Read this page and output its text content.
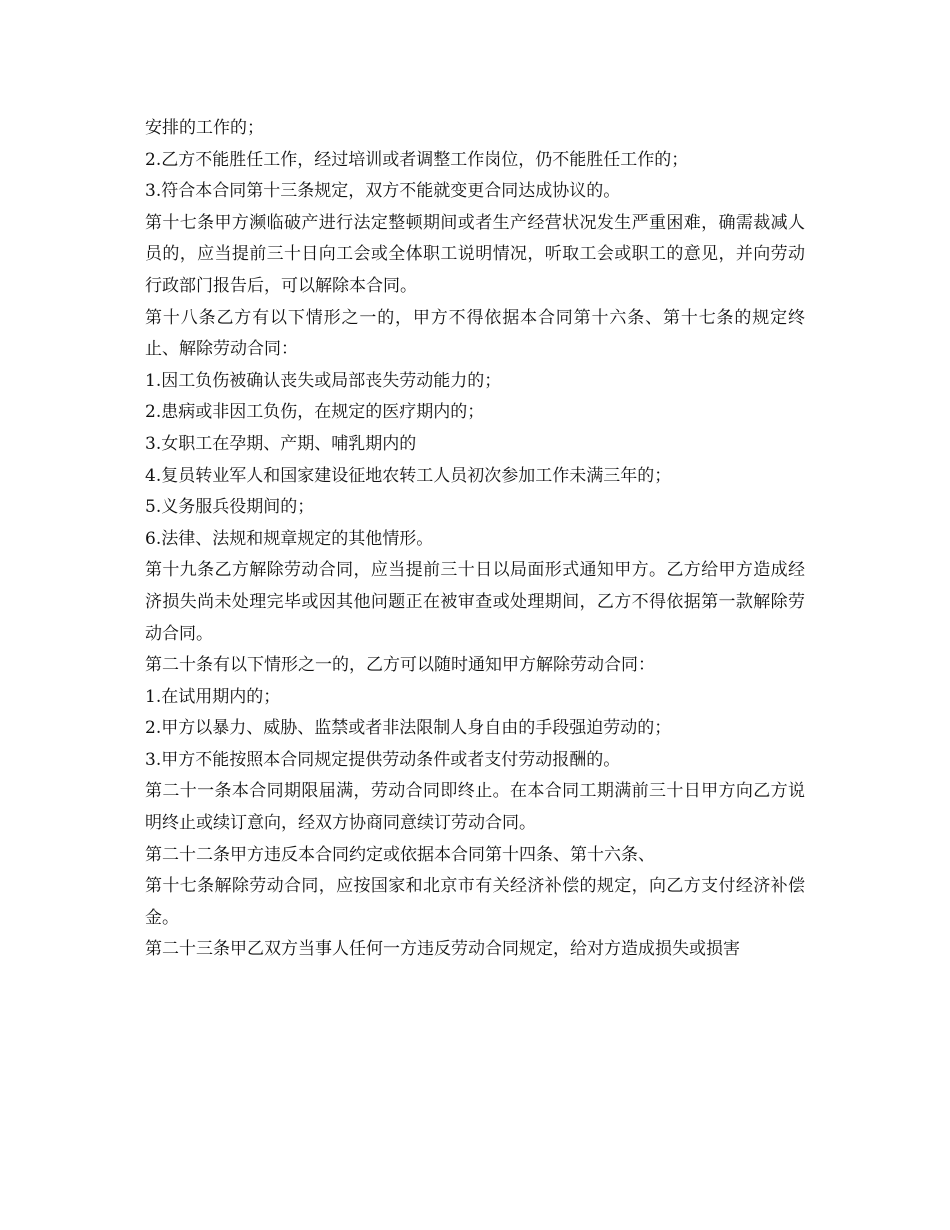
安排的工作的；

2.乙方不能胜任工作，经过培训或者调整工作岗位，仍不能胜任工作的；

3.符合本合同第十三条规定，双方不能就变更合同达成协议的。

第十七条甲方濒临破产进行法定整顿期间或者生产经营状况发生严重困难，确需裁减人员的，应当提前三十日向工会或全体职工说明情况，听取工会或职工的意见，并向劳动行政部门报告后，可以解除本合同。

第十八条乙方有以下情形之一的，甲方不得依据本合同第十六条、第十七条的规定终止、解除劳动合同：

1.因工负伤被确认丧失或局部丧失劳动能力的；

2.患病或非因工负伤，在规定的医疗期内的；

3.女职工在孕期、产期、哺乳期内的

4.复员转业军人和国家建设征地农转工人员初次参加工作未满三年的；

5.义务服兵役期间的；

6.法律、法规和规章规定的其他情形。

第十九条乙方解除劳动合同，应当提前三十日以局面形式通知甲方。乙方给甲方造成经济损失尚未处理完毕或因其他问题正在被审查或处理期间，乙方不得依据第一款解除劳动合同。

第二十条有以下情形之一的，乙方可以随时通知甲方解除劳动合同：

1.在试用期内的；

2.甲方以暴力、威胁、监禁或者非法限制人身自由的手段强迫劳动的；

3.甲方不能按照本合同规定提供劳动条件或者支付劳动报酬的。

第二十一条本合同期限届满，劳动合同即终止。在本合同工期满前三十日甲方向乙方说明终止或续订意向，经双方协商同意续订劳动合同。

第二十二条甲方违反本合同约定或依据本合同第十四条、第十六条、

第十七条解除劳动合同，应按国家和北京市有关经济补偿的规定，向乙方支付经济补偿金。

第二十三条甲乙双方当事人任何一方违反劳动合同规定，给对方造成损失或损害
